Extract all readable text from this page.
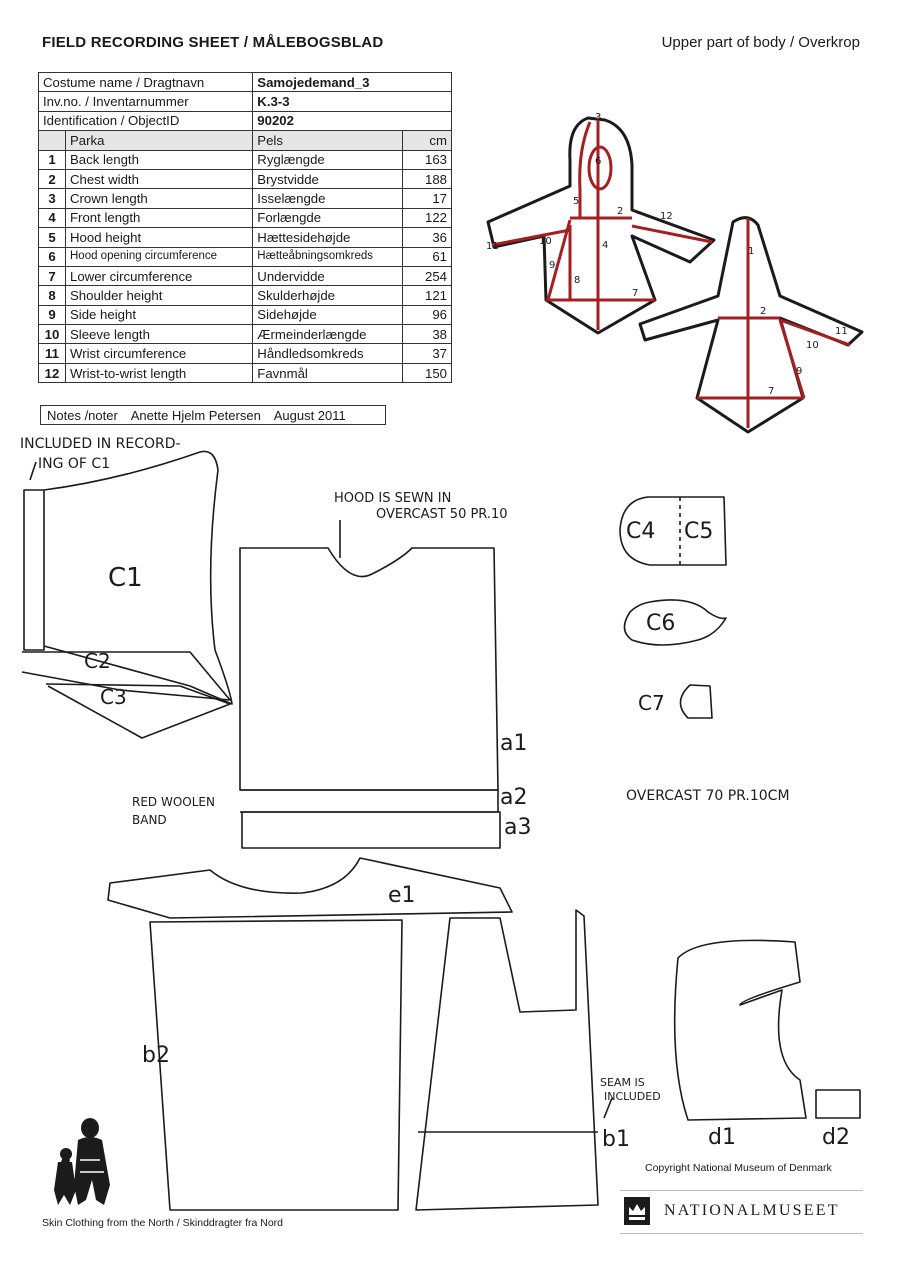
FIELD RECORDING SHEET / MÅLEBOGSBLAD	Upper part of body / Overkrop
Costume name / Dragtnavn		Samojedemand_3	
Inv.no. / Inventarnummer		K.3-3	
Identification / ObjectID		90202	
	Parka	Pels	cm
1	Back length	Ryglængde	163
2	Chest width	Brystvidde	188
3	Crown length	Isselængde	17
4	Front length	Forlængde	122
5	Hood height	Hættesidehøjde	36
6	Hood opening circumference	Hætteåbningsomkreds	61
7	Lower circumference	Undervidde	254
8	Shoulder height	Skulderhøjde	121
9	Side height	Sidehøjde	96
10	Sleeve length	Ærmeinderlængde	38
11	Wrist circumference	Håndledsomkreds	37
12	Wrist-to-wrist length	Favnmål	150
Notes /noter Anette Hjelm Petersen August 2011
3
6
5
2	12
11	10	4
9
8
7
1
2
11
10
9
7
INCLUDED IN RECORD-
ING OF C1
HOOD IS SEWN IN
OVERCAST 50 PR.10
RED WOOLEN
BAND
OVERCAST 70 PR.10CM
SEAM IS
INCLUDED
C1
C2
C3
C4 C5
C6
C7
a1
a2
a3
e1
b2
b1	d1	d2
Copyright National Museum of Denmark
Skin Clothing from the North / Skinddragter fra Nord
NATIONALMUSEET
